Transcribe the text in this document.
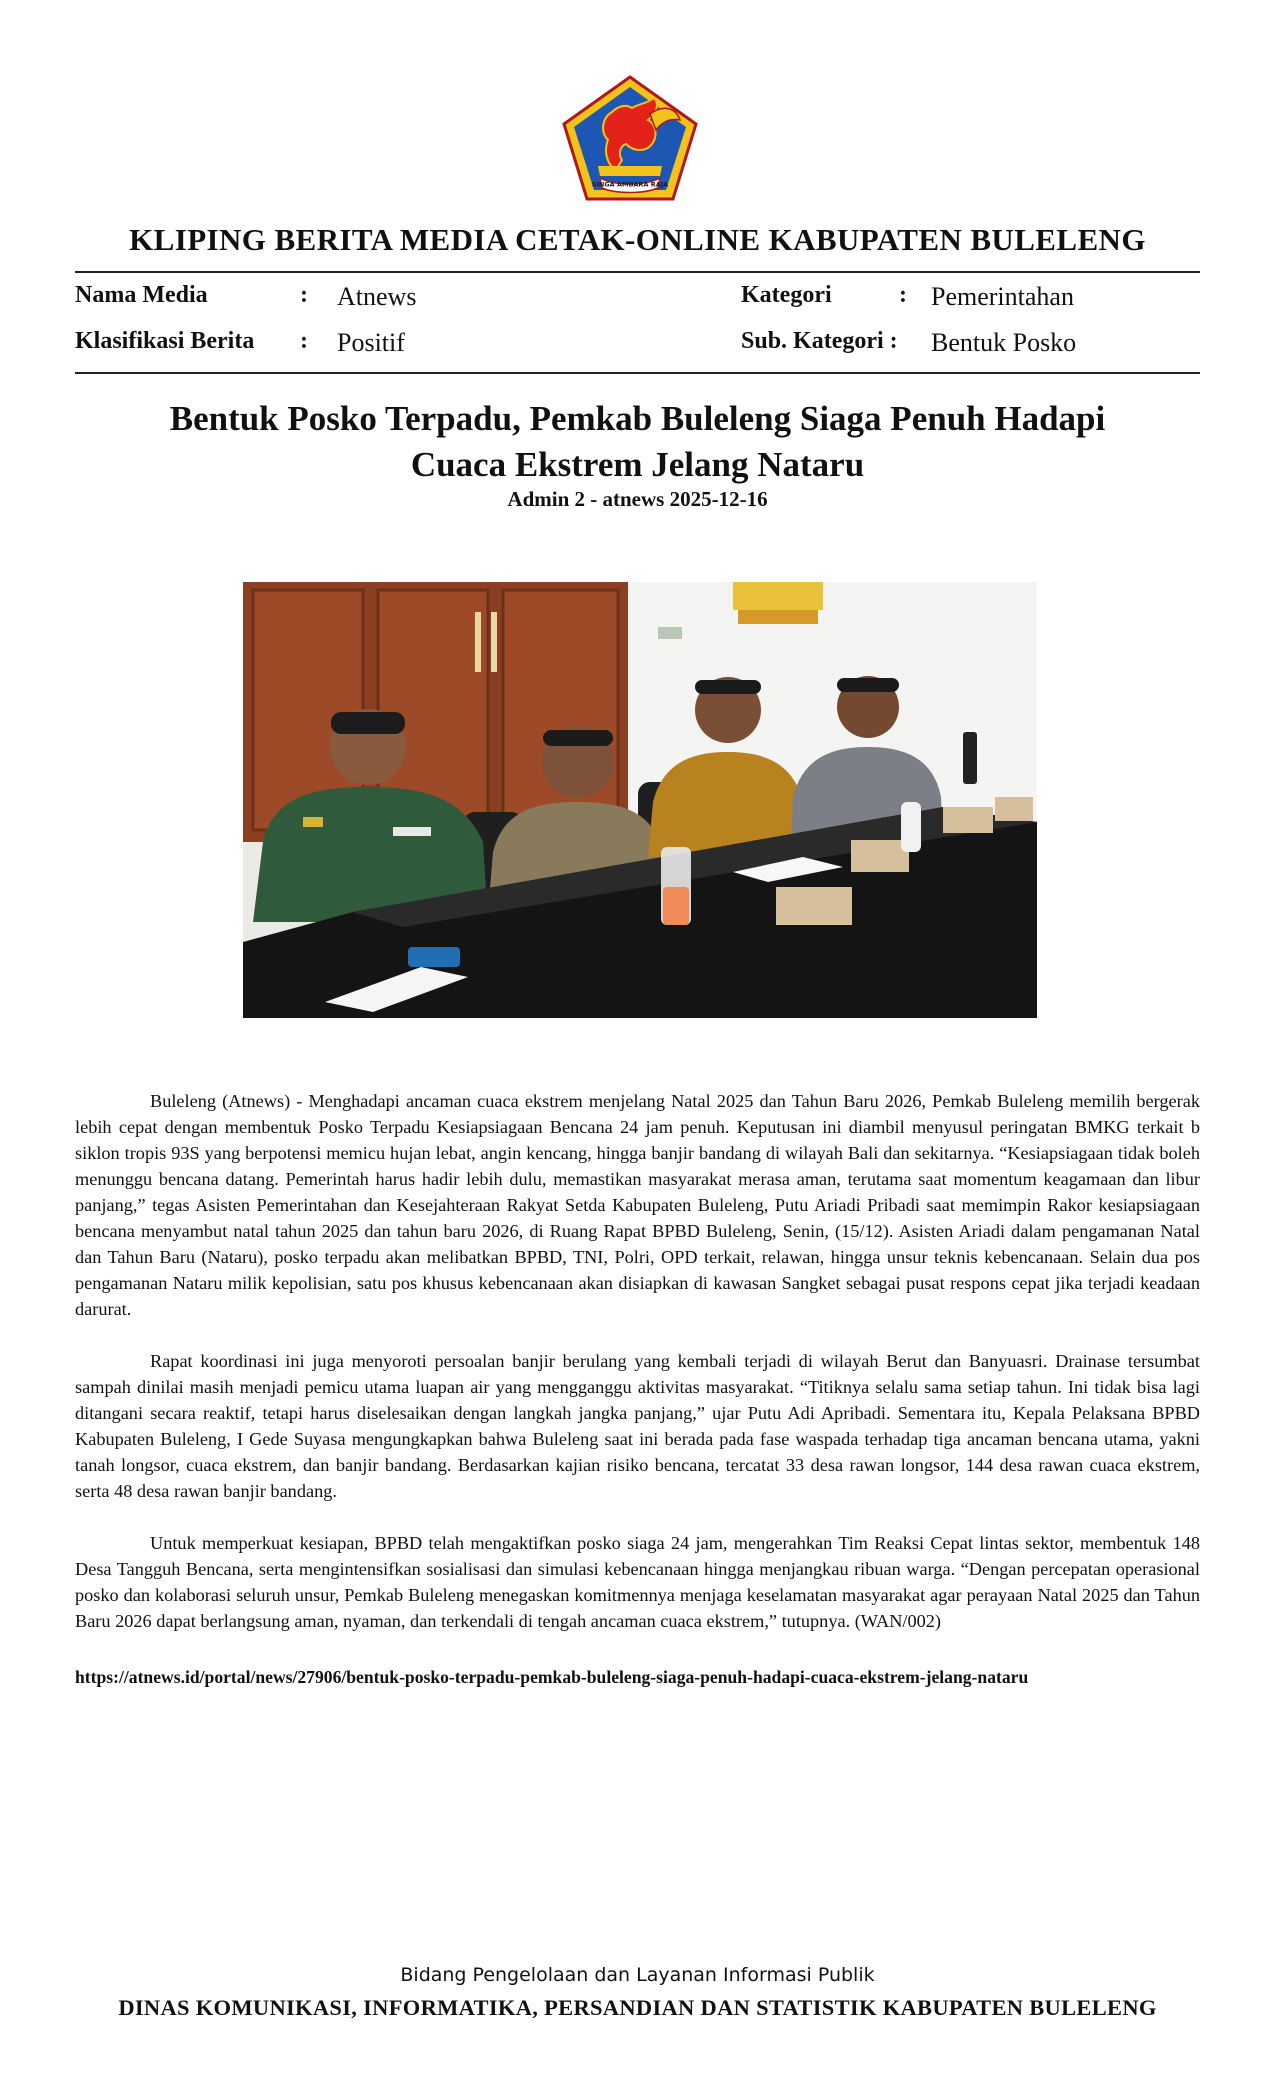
SINGA AMBARA RAJA
KLIPING BERITA MEDIA CETAK-ONLINE KABUPATEN BULELENG
Nama Media	: Atnews	Kategori	: Pemerintahan
Klasifikasi Berita : Positif	Sub. Kategori : Bentuk Posko
Bentuk Posko Terpadu, Pemkab Buleleng Siaga Penuh Hadapi
Cuaca Ekstrem Jelang Nataru
Admin 2 - atnews 2025-12-16

Buleleng (Atnews) - Menghadapi ancaman cuaca ekstrem menjelang Natal 2025 dan Tahun Baru 2026, Pemkab Buleleng memilih bergerak lebih cepat dengan membentuk Posko Terpadu Kesiapsiagaan Bencana 24 jam penuh. Keputusan ini diambil menyusul peringatan BMKG terkait b siklon tropis 93S yang berpotensi memicu hujan lebat, angin kencang, hingga banjir bandang di wilayah Bali dan sekitarnya. “Kesiapsiagaan tidak boleh menunggu bencana datang. Pemerintah harus hadir lebih dulu, memastikan masyarakat merasa aman, terutama saat momentum keagamaan dan libur panjang,” tegas Asisten Pemerintahan dan Kesejahteraan Rakyat Setda Kabupaten Buleleng, Putu Ariadi Pribadi saat memimpin Rakor kesiapsiagaan bencana menyambut natal tahun 2025 dan tahun baru 2026, di Ruang Rapat BPBD Buleleng, Senin, (15/12). Asisten Ariadi dalam pengamanan Natal dan Tahun Baru (Nataru), posko terpadu akan melibatkan BPBD, TNI, Polri, OPD terkait, relawan, hingga unsur teknis kebencanaan. Selain dua pos pengamanan Nataru milik kepolisian, satu pos khusus kebencanaan akan disiapkan di kawasan Sangket sebagai pusat respons cepat jika terjadi keadaan darurat.

Rapat koordinasi ini juga menyoroti persoalan banjir berulang yang kembali terjadi di wilayah Berut dan Banyuasri. Drainase tersumbat sampah dinilai masih menjadi pemicu utama luapan air yang mengganggu aktivitas masyarakat. “Titiknya selalu sama setiap tahun. Ini tidak bisa lagi ditangani secara reaktif, tetapi harus diselesaikan dengan langkah jangka panjang,” ujar Putu Adi Apribadi. Sementara itu, Kepala Pelaksana BPBD Kabupaten Buleleng, I Gede Suyasa mengungkapkan bahwa Buleleng saat ini berada pada fase waspada terhadap tiga ancaman bencana utama, yakni tanah longsor, cuaca ekstrem, dan banjir bandang. Berdasarkan kajian risiko bencana, tercatat 33 desa rawan longsor, 144 desa rawan cuaca ekstrem, serta 48 desa rawan banjir bandang.

Untuk memperkuat kesiapan, BPBD telah mengaktifkan posko siaga 24 jam, mengerahkan Tim Reaksi Cepat lintas sektor, membentuk 148 Desa Tangguh Bencana, serta mengintensifkan sosialisasi dan simulasi kebencanaan hingga menjangkau ribuan warga. “Dengan percepatan operasional posko dan kolaborasi seluruh unsur, Pemkab Buleleng menegaskan komitmennya menjaga keselamatan masyarakat agar perayaan Natal 2025 dan Tahun Baru 2026 dapat berlangsung aman, nyaman, dan terkendali di tengah ancaman cuaca ekstrem,” tutupnya. (WAN/002)

https://atnews.id/portal/news/27906/bentuk-posko-terpadu-pemkab-buleleng-siaga-penuh-hadapi-cuaca-ekstrem-jelang-nataru
Bidang Pengelolaan dan Layanan Informasi Publik
DINAS KOMUNIKASI, INFORMATIKA, PERSANDIAN DAN STATISTIK KABUPATEN BULELENG
